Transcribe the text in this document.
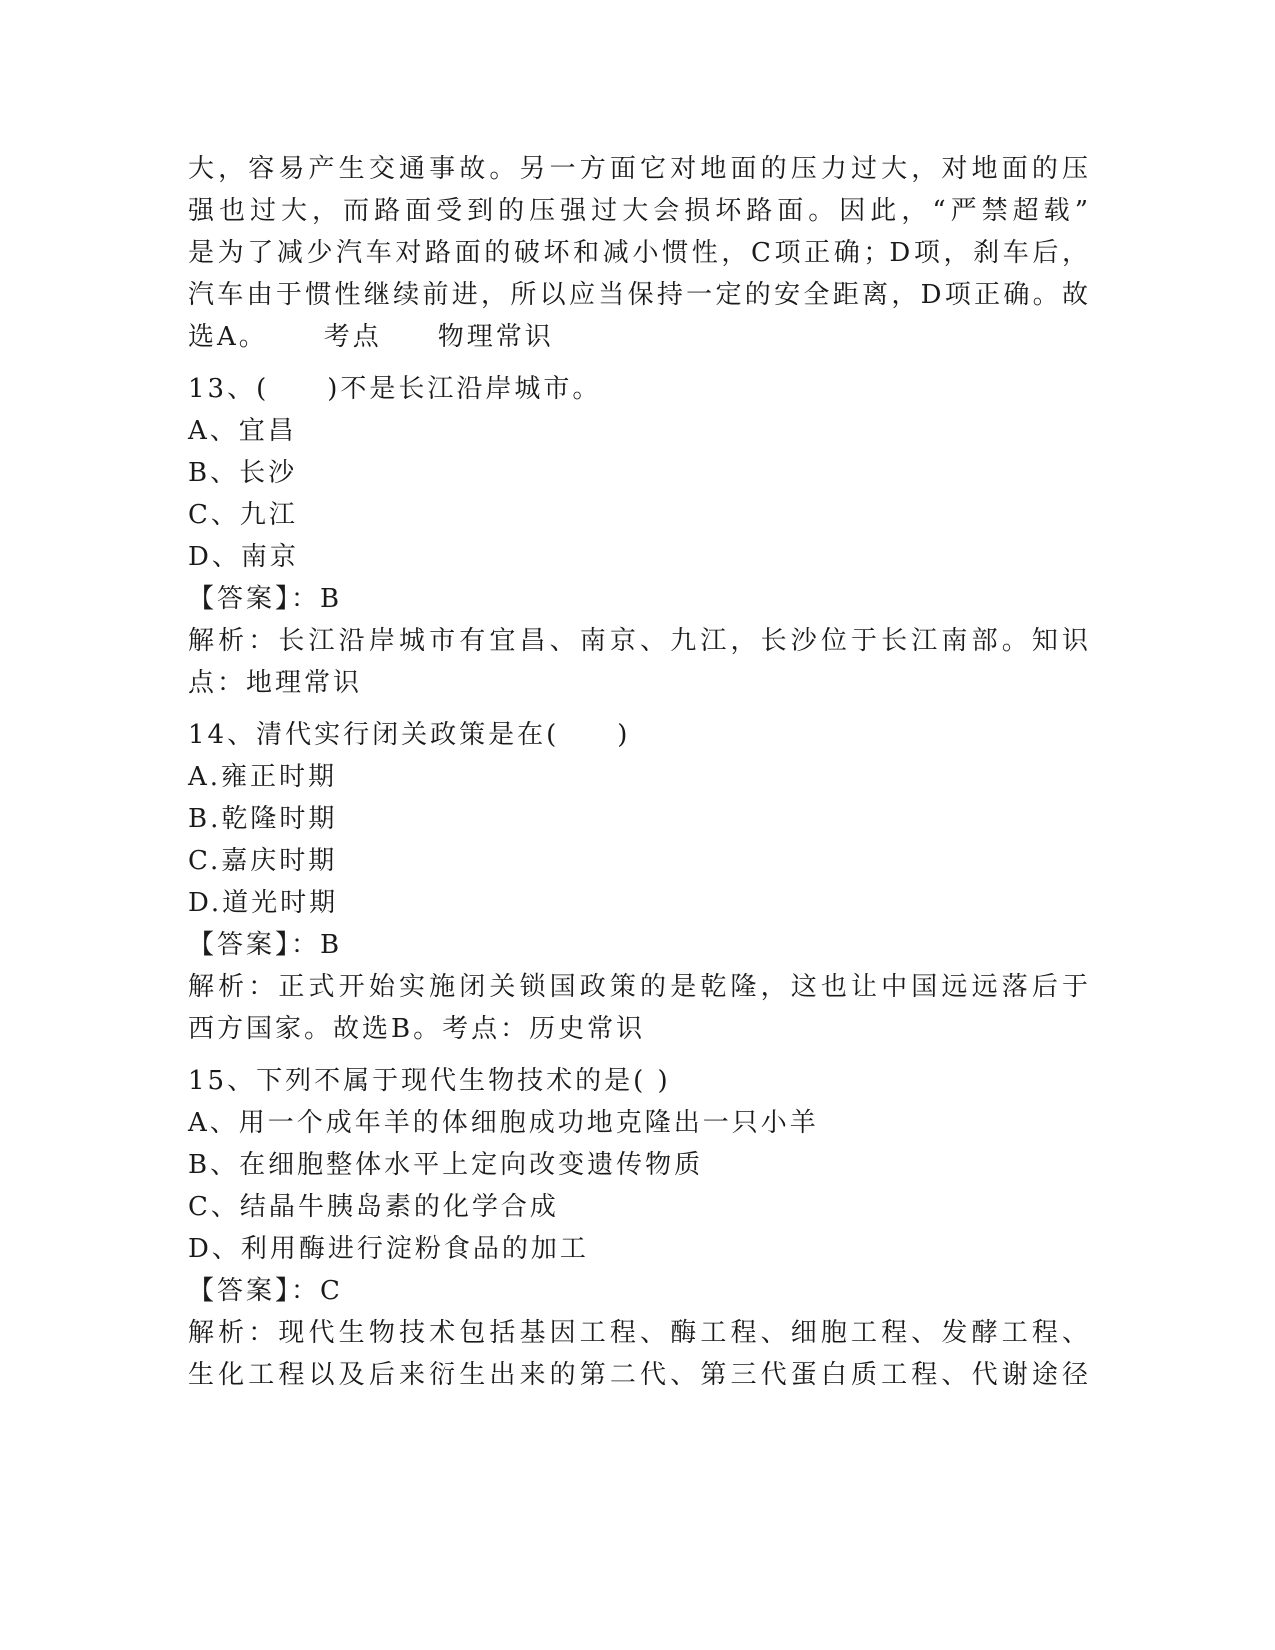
大，容易产生交通事故。另一方面它对地面的压力过大，对地面的压
强也过大，而路面受到的压强过大会损坏路面。因此，“严禁超载”
是为了减少汽车对路面的破坏和减小惯性，C项正确；D项，刹车后，
汽车由于惯性继续前进，所以应当保持一定的安全距离，D项正确。故
选A。 考点 物理常识
13、(　　)不是长江沿岸城市。
A、宜昌
B、长沙
C、九江
D、南京
【答案】：B
解析：长江沿岸城市有宜昌、南京、九江，长沙位于长江南部。知识
点：地理常识
14、清代实行闭关政策是在(　　)
A.雍正时期
B.乾隆时期
C.嘉庆时期
D.道光时期
【答案】：B
解析：正式开始实施闭关锁国政策的是乾隆，这也让中国远远落后于
西方国家。故选B。考点：历史常识
15、下列不属于现代生物技术的是( )
A、用一个成年羊的体细胞成功地克隆出一只小羊
B、在细胞整体水平上定向改变遗传物质
C、结晶牛胰岛素的化学合成
D、利用酶进行淀粉食品的加工
【答案】：C
解析：现代生物技术包括基因工程、酶工程、细胞工程、发酵工程、
生化工程以及后来衍生出来的第二代、第三代蛋白质工程、代谢途径
